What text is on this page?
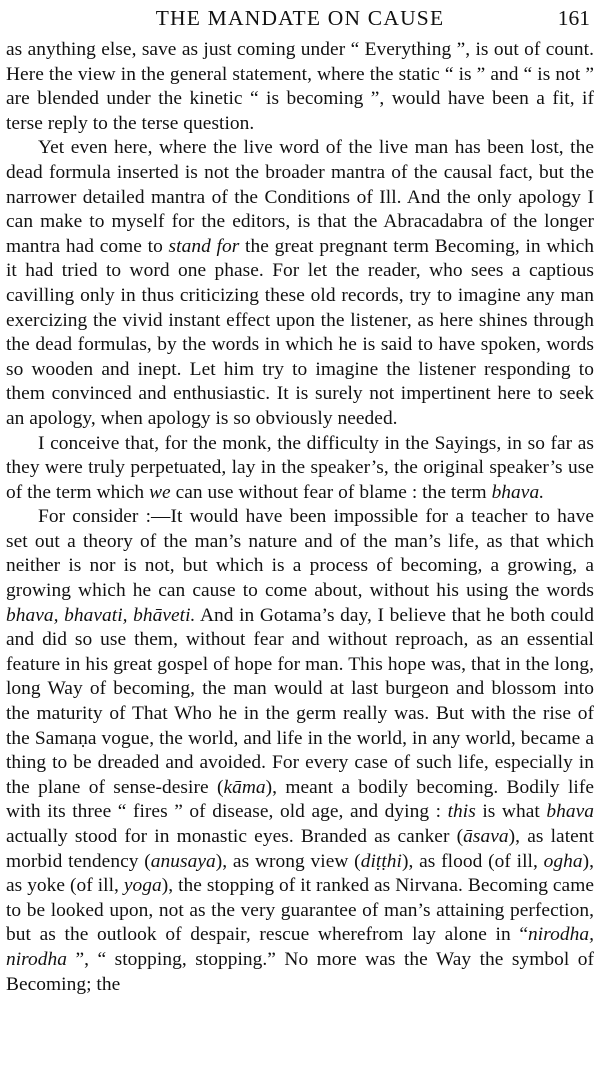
THE MANDATE ON CAUSE	161

as anything else, save as just coming under “ Everything ”, is out of count. Here the view in the general statement, where the static “ is ” and “ is not ” are blended under the kinetic “ is becoming ”, would have been a fit, if terse reply to the terse question.

Yet even here, where the live word of the live man has been lost, the dead formula inserted is not the broader mantra of the causal fact, but the narrower detailed mantra of the Conditions of Ill. And the only apology I can make to myself for the editors, is that the Abracadabra of the longer mantra had come to stand for the great pregnant term Becoming, in which it had tried to word one phase. For let the reader, who sees a captious cavilling only in thus criticizing these old records, try to imagine any man exercizing the vivid instant effect upon the listener, as here shines through the dead formulas, by the words in which he is said to have spoken, words so wooden and inept. Let him try to imagine the listener responding to them convinced and enthusiastic. It is surely not impertinent here to seek an apology, when apology is so obviously needed.

I conceive that, for the monk, the difficulty in the Sayings, in so far as they were truly perpetuated, lay in the speaker’s, the original speaker’s use of the term which we can use without fear of blame : the term bhava.

For consider :—It would have been impossible for a teacher to have set out a theory of the man’s nature and of the man’s life, as that which neither is nor is not, but which is a process of becoming, a growing, a growing which he can cause to come about, without his using the words bhava, bhavati, bhāveti. And in Gotama’s day, I believe that he both could and did so use them, without fear and without reproach, as an essential feature in his great gospel of hope for man. This hope was, that in the long, long Way of becoming, the man would at last burgeon and blossom into the maturity of That Who he in the germ really was. But with the rise of the Samaṇa vogue, the world, and life in the world, in any world, became a thing to be dreaded and avoided. For every case of such life, especially in the plane of sense-desire (kāma), meant a bodily becoming. Bodily life with its three “ fires ” of disease, old age, and dying : this is what bhava actually stood for in monastic eyes. Branded as canker (āsava), as latent morbid tendency (anusaya), as wrong view (diṭṭhi), as flood (of ill, ogha), as yoke (of ill, yoga), the stopping of it ranked as Nirvana. Becoming came to be looked upon, not as the very guarantee of man’s attaining perfection, but as the outlook of despair, rescue wherefrom lay alone in “nirodha, nirodha ”, “ stopping, stopping.” No more was the Way the symbol of Becoming; the
